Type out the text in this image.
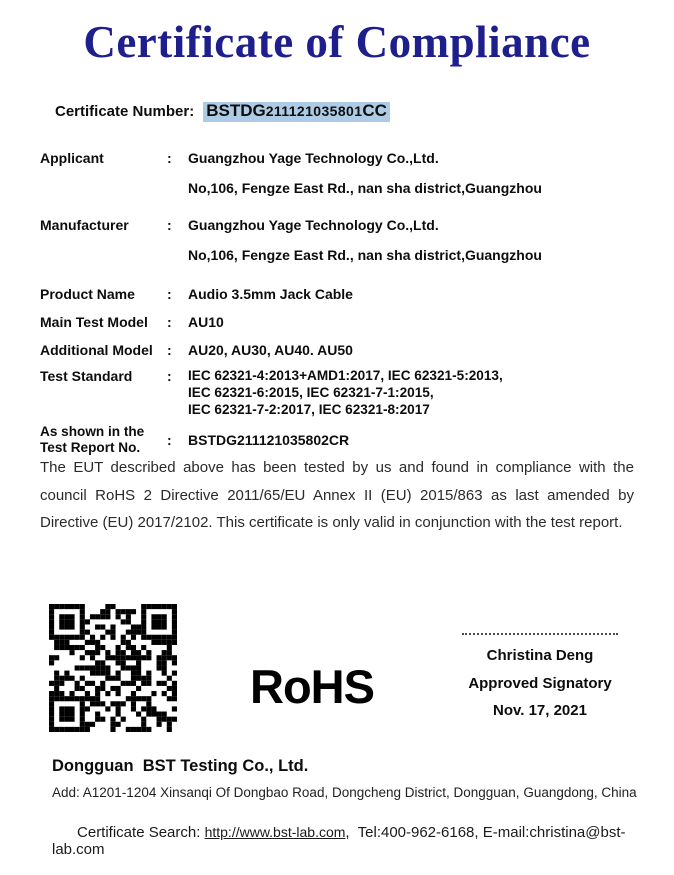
Certificate of Compliance
Certificate Number: BSTDG211121035801CC
Applicant	:	Guangzhou Yage Technology Co.,Ltd.
No,106, Fengze East Rd., nan sha district,Guangzhou
Manufacturer	:	Guangzhou Yage Technology Co.,Ltd.
No,106, Fengze East Rd., nan sha district,Guangzhou
Product Name	:	Audio 3.5mm Jack Cable
Main Test Model	:	AU10
Additional Model	:	AU20, AU30, AU40. AU50
Test Standard	:	IEC 62321-4:2013+AMD1:2017, IEC 62321-5:2013,
IEC 62321-6:2015, IEC 62321-7-1:2015,
IEC 62321-7-2:2017, IEC 62321-8:2017
As shown in the
Test Report No.	:	BSTDG211121035802CR

The EUT described above has been tested by us and found in compliance with the council RoHS 2 Directive 2011/65/EU Annex II (EU) 2015/863 as last amended by Directive (EU) 2017/2102. This certificate is only valid in conjunction with the test report.

RoHS
Christina Deng
Approved Signatory
Nov. 17, 2021
Dongguan  BST Testing Co., Ltd.
Add: A1201-1204 Xinsanqi Of Dongbao Road, Dongcheng District, Dongguan, Guangdong, China

Certificate Search: http://www.bst-lab.com,  Tel:400-962-6168, E-mail:christina@bst-lab.com
